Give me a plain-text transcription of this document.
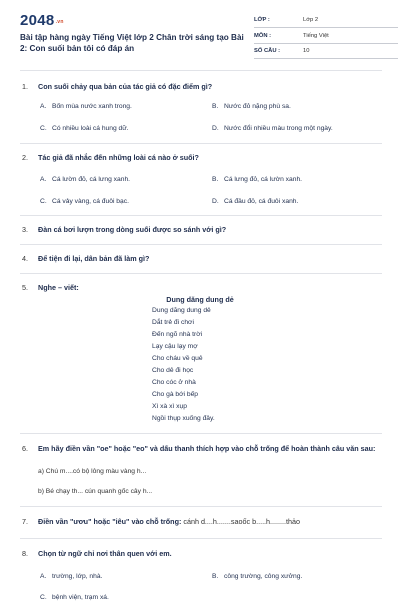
$2048^{.vn}$
Bài tập hàng ngày Tiếng Việt lớp 2 Chân trời sáng tạo Bài
2: Con suối bản tôi có đáp án
LỚP :	Lớp 2
MÔN :	Tiếng Việt
SỐ CÂU :	10
1. Con suối chảy qua bản của tác giả có đặc điểm gì?
A. Bốn mùa nước xanh trong.	B. Nước đỏ nặng phù sa.
C. Có nhiều loài cá hung dữ.	D. Nước đổi nhiều màu trong một ngày.
2. Tác giả đã nhắc đến những loài cá nào ở suối?
A. Cá lườn đỏ, cá lưng xanh.	B. Cá lưng đỏ, cá lườn xanh.
C. Cá vảy vàng, cá đuôi bạc.	D. Cá đầu đỏ, cá đuôi xanh.
3. Đàn cá bơi lượn trong dòng suối được so sánh với gì?
4. Để tiện đi lại, dân bản đã làm gì?
5. Nghe – viết:
Dung dăng dung dẻ
Dung dăng dung dẻ
Dắt trẻ đi chơi
Đến ngõ nhà trời
Lạy cậu lạy mợ
Cho cháu về quê
Cho dê đi học
Cho cóc ở nhà
Cho gà bới bếp
Xì xà xì xụp
Ngồi thụp xuống đây.
6. Em hãy điền vần "oe" hoặc "eo" và dấu thanh thích hợp vào chỗ trống để hoàn thành câu văn sau:
a) Chú m....có bộ lông màu vàng h...
b) Bé chạy th... cún quanh gốc cây h...
7. Điền vần "ươu" hoặc "iêu" vào chỗ trống: cánh d....h.......saoốc b.....h........thảo
8. Chọn từ ngữ chỉ nơi thân quen với em.
A. trường, lớp, nhà.	B. công trường, công xưởng.
C. bệnh viện, trạm xá.
